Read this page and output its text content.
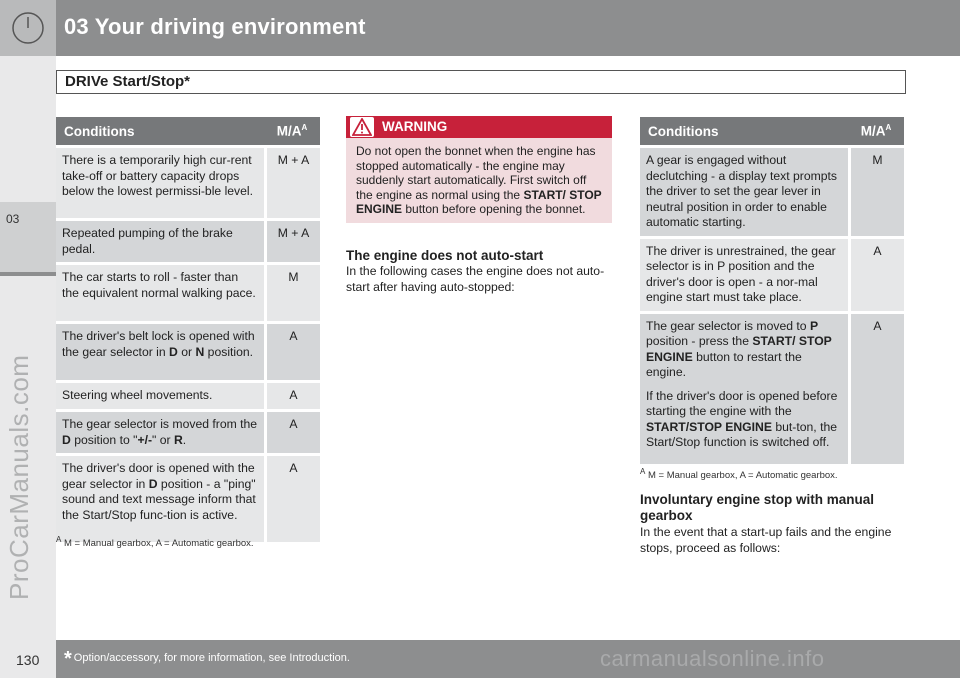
03 Your driving environment
03
ProCarManuals.com
DRIVe Start/Stop*
Conditions	$M/A^A$
There is a temporarily high cur-rent take-off or battery capacity drops below the lowest permissi-ble level.	M + A
Repeated pumping of the brake pedal.	M + A
The car starts to roll - faster than the equivalent normal walking pace.	M
The driver's belt lock is opened with the gear selector in D or N position.	A
Steering wheel movements.	A
The gear selector is moved from the D position to "+/-" or R.	A
The driver's door is opened with the gear selector in D position - a "ping" sound and text message inform that the Start/Stop func-tion is active.	A
$^A$ M = Manual gearbox, A = Automatic gearbox.
WARNING
Do not open the bonnet when the engine has stopped automatically - the engine may suddenly start automatically. First switch off the engine as normal using the START/ STOP ENGINE button before opening the bonnet.
The engine does not auto-start
In the following cases the engine does not auto-start after having auto-stopped:
Conditions	$M/A^A$
A gear is engaged without declutching - a display text prompts the driver to set the gear lever in neutral position in order to enable automatic starting.	M
The driver is unrestrained, the gear selector is in P position and the driver's door is open - a nor-mal engine start must take place.	A

The gear selector is moved to P position - press the START/ STOP ENGINE button to restart the engine.
If the driver's door is opened before starting the engine with the START/STOP ENGINE but-ton, the Start/Stop function is switched off.	A
$^A$ M = Manual gearbox, A = Automatic gearbox.
Involuntary engine stop with manual gearbox
In the event that a start-up fails and the engine stops, proceed as follows:
130 * Option/accessory, for more information, see Introduction.	carmanualsonline.info
